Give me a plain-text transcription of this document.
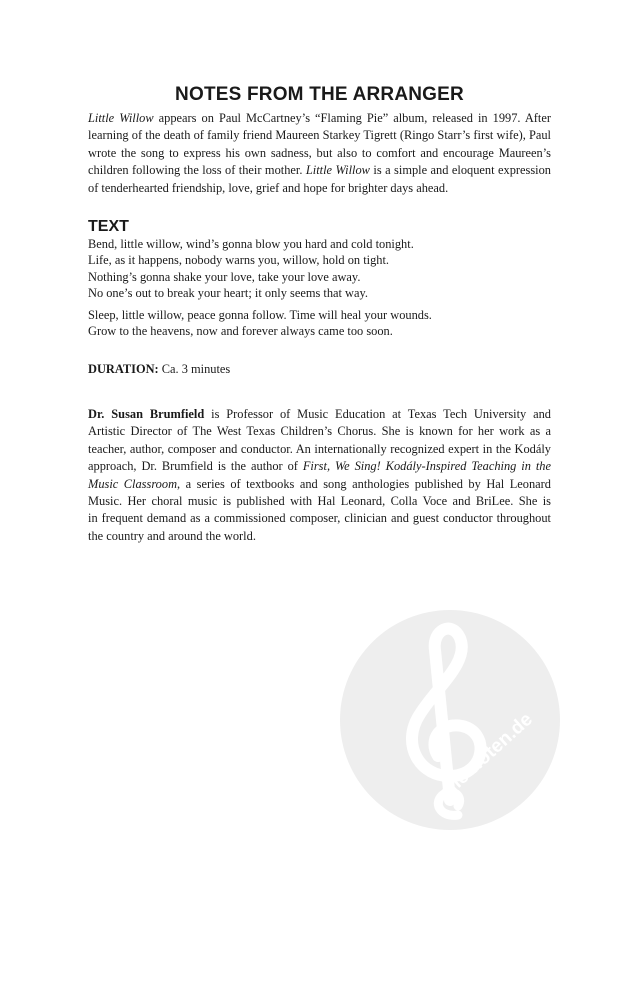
NOTES FROM THE ARRANGER

Little Willow appears on Paul McCartney’s “Flaming Pie” album, released in 1997. After
learning of the death of family friend Maureen Starkey Tigrett (Ringo Starr’s first wife), Paul
wrote the song to express his own sadness, but also to comfort and encourage Maureen’s
children following the loss of their mother. Little Willow is a simple and eloquent expression
of tenderhearted friendship, love, grief and hope for brighter days ahead.

TEXT

Bend, little willow, wind’s gonna blow you hard and cold tonight.
Life, as it happens, nobody warns you, willow, hold on tight.
Nothing’s gonna shake your love, take your love away.
No one’s out to break your heart; it only seems that way.

Sleep, little willow, peace gonna follow. Time will heal your wounds.
Grow to the heavens, now and forever always came too soon.

DURATION: Ca. 3 minutes

Dr. Susan Brumfield is Professor of Music Education at Texas Tech University and
Artistic Director of The West Texas Children’s Chorus. She is known for her work as a
teacher, author, composer and conductor. An internationally recognized expert in the Kodály
approach, Dr. Brumfield is the author of First, We Sing! Kodály-Inspired Teaching in the
Music Classroom, a series of textbooks and song anthologies published by Hal Leonard
Music. Her choral music is published with Hal Leonard, Colla Voce and BriLee. She is
in frequent demand as a commissioned composer, clinician and guest conductor throughout
the country and around the world.

alle-noten.de
